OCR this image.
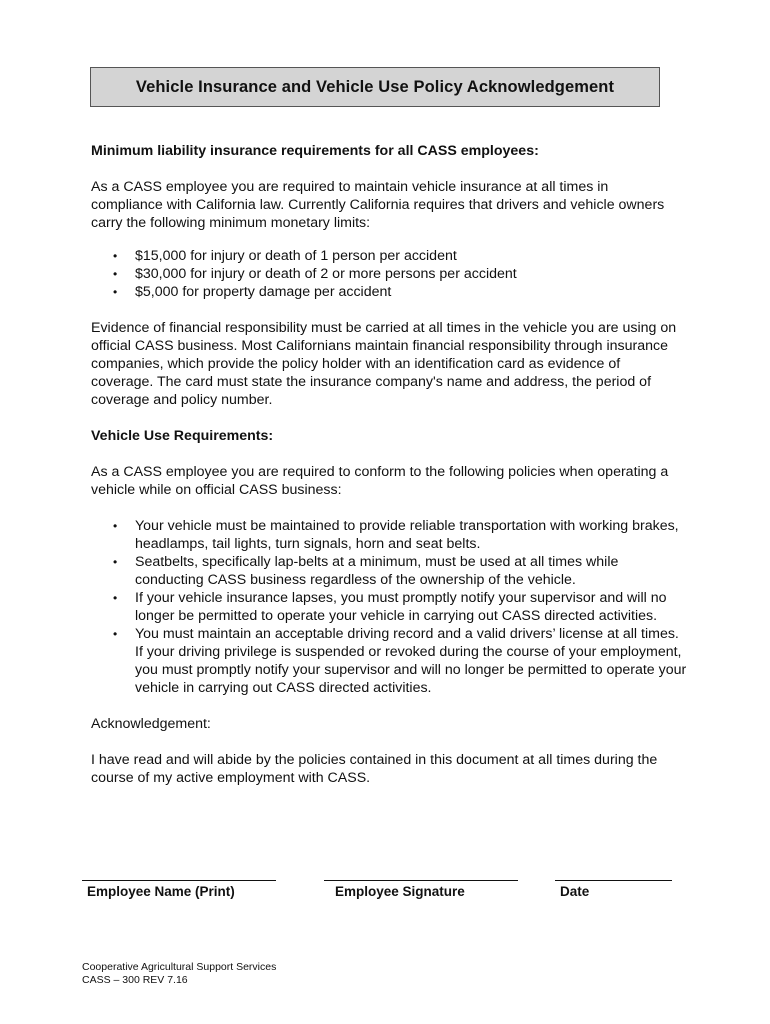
Vehicle Insurance and Vehicle Use Policy Acknowledgement

Minimum liability insurance requirements for all CASS employees:

As a CASS employee you are required to maintain vehicle insurance at all times in compliance with California law. Currently California requires that drivers and vehicle owners carry the following minimum monetary limits:

• $15,000 for injury or death of 1 person per accident
• $30,000 for injury or death of 2 or more persons per accident
• $5,000 for property damage per accident

Evidence of financial responsibility must be carried at all times in the vehicle you are using on official CASS business. Most Californians maintain financial responsibility through insurance companies, which provide the policy holder with an identification card as evidence of coverage. The card must state the insurance company's name and address, the period of coverage and policy number.

Vehicle Use Requirements:

As a CASS employee you are required to conform to the following policies when operating a vehicle while on official CASS business:

• Your vehicle must be maintained to provide reliable transportation with working brakes, headlamps, tail lights, turn signals, horn and seat belts.
• Seatbelts, specifically lap-belts at a minimum, must be used at all times while conducting CASS business regardless of the ownership of the vehicle.
• If your vehicle insurance lapses, you must promptly notify your supervisor and will no longer be permitted to operate your vehicle in carrying out CASS directed activities.
• You must maintain an acceptable driving record and a valid drivers’ license at all times. If your driving privilege is suspended or revoked during the course of your employment, you must promptly notify your supervisor and will no longer be permitted to operate your vehicle in carrying out CASS directed activities.

Acknowledgement:

I have read and will abide by the policies contained in this document at all times during the course of my active employment with CASS.

Employee Name (Print)	Employee Signature	Date
Cooperative Agricultural Support Services
CASS – 300 REV 7.16
